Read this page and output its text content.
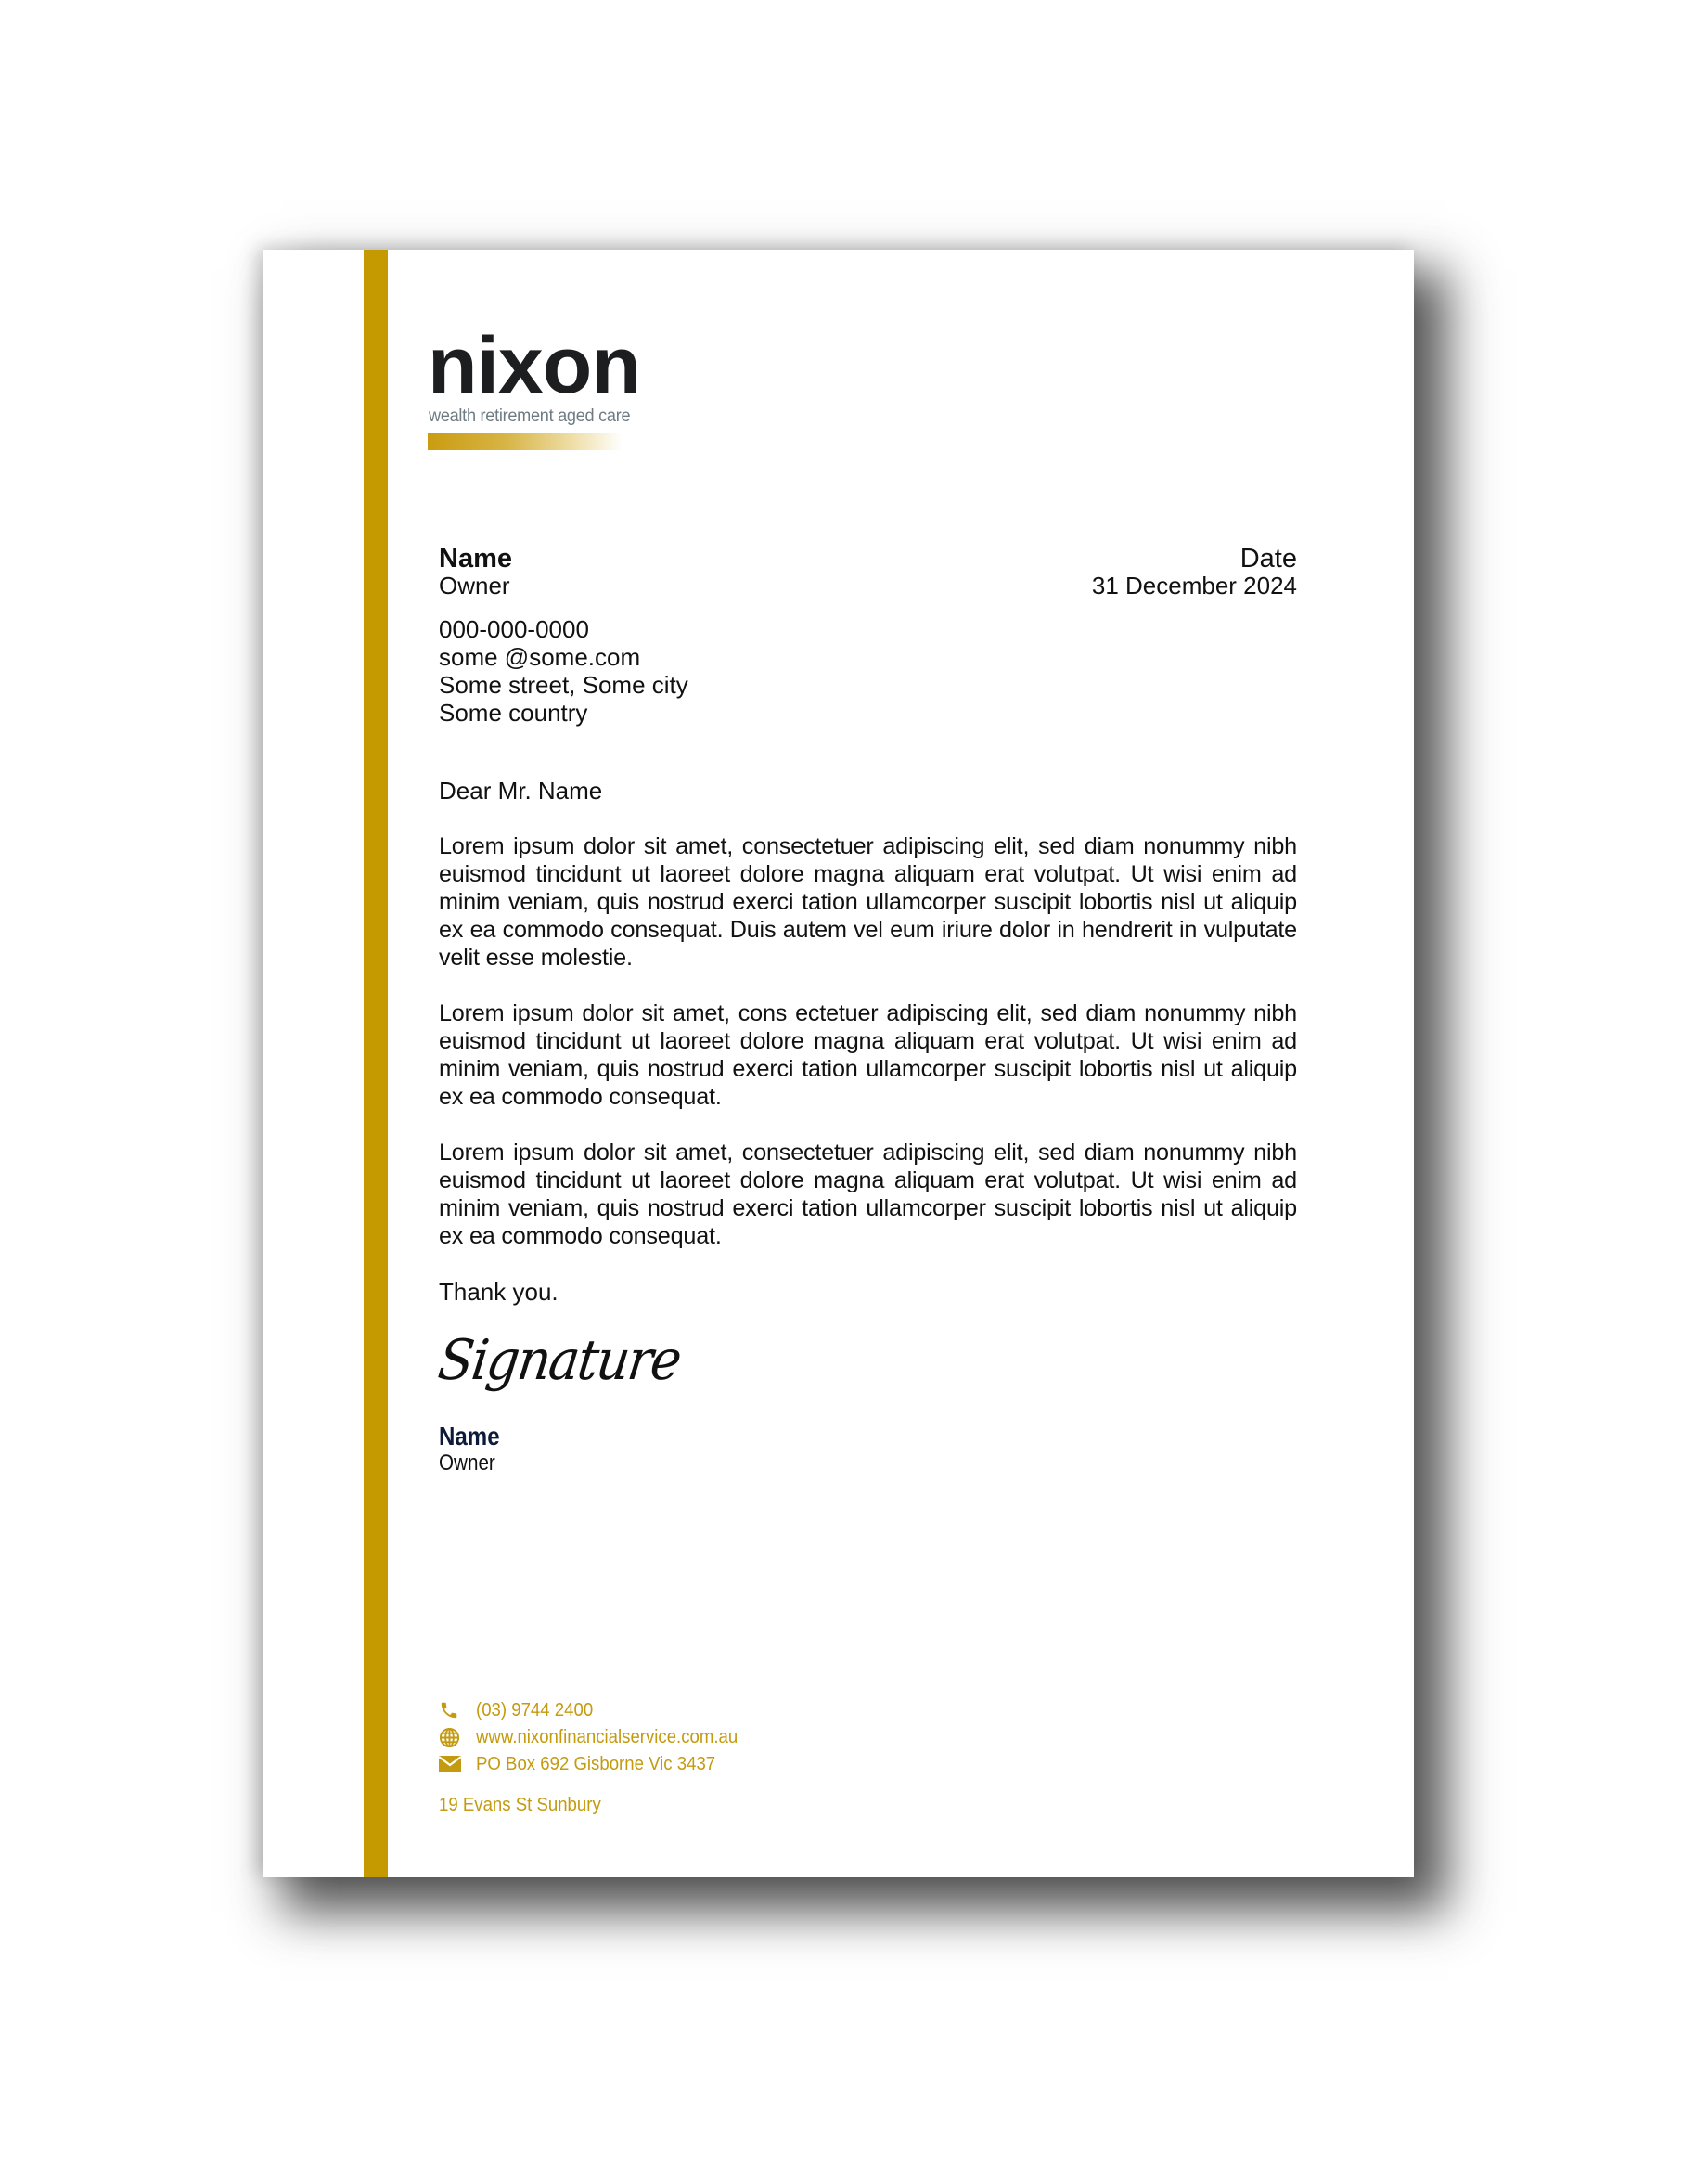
nixon
wealth retirement aged care
Name
Owner
000-000-0000
some @some.com
Some street, Some city
Some country
Date
31 December 2024
Dear Mr. Name

Lorem ipsum dolor sit amet, consectetuer adipiscing elit, sed diam nonummy nibh euismod tincidunt ut laoreet dolore magna aliquam erat volutpat. Ut wisi enim ad minim veniam, quis nostrud exerci tation ullamcorper suscipit lobortis nisl ut aliquip ex ea commodo consequat. Duis autem vel eum iriure dolor in hendrerit in vulputate velit esse molestie.

Lorem ipsum dolor sit amet, cons ectetuer adipiscing elit, sed diam nonummy nibh euismod tincidunt ut laoreet dolore magna aliquam erat volutpat. Ut wisi enim ad minim veniam, quis nostrud exerci tation ullamcorper suscipit lobortis nisl ut aliquip ex ea commodo consequat.

Lorem ipsum dolor sit amet, consectetuer adipiscing elit, sed diam nonummy nibh euismod tincidunt ut laoreet dolore magna aliquam erat volutpat. Ut wisi enim ad minim veniam, quis nostrud exerci tation ullamcorper suscipit lobortis nisl ut aliquip ex ea commodo consequat.

Thank you.
Signature
Name
Owner
(03) 9744 2400
www.nixonfinancialservice.com.au
PO Box 692 Gisborne Vic 3437
19 Evans St Sunbury
